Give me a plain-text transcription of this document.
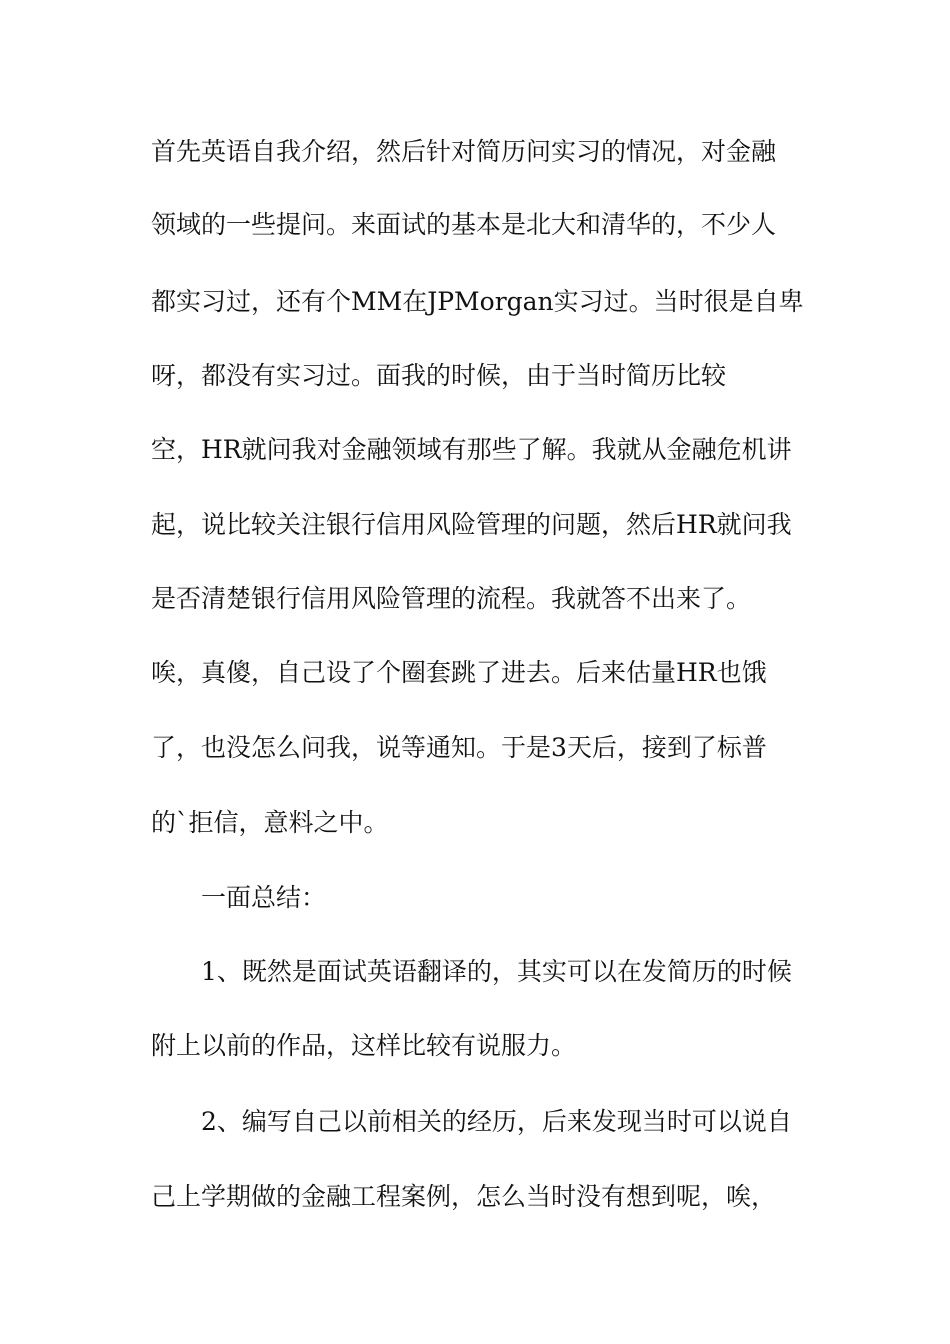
首先英语自我介绍，然后针对简历问实习的情况，对金融
领域的一些提问。来面试的基本是北大和清华的，不少人
都实习过，还有个MM在JPMorgan实习过。当时很是自卑
呀，都没有实习过。面我的时候，由于当时简历比较
空，HR就问我对金融领域有那些了解。我就从金融危机讲
起，说比较关注银行信用风险管理的问题，然后HR就问我
是否清楚银行信用风险管理的流程。我就答不出来了。
唉，真傻，自己设了个圈套跳了进去。后来估量HR也饿
了，也没怎么问我，说等通知。于是3天后，接到了标普
的`拒信，意料之中。
一面总结：
1、既然是面试英语翻译的，其实可以在发简历的时候
附上以前的作品，这样比较有说服力。
2、编写自己以前相关的经历，后来发现当时可以说自
己上学期做的金融工程案例，怎么当时没有想到呢，唉，
